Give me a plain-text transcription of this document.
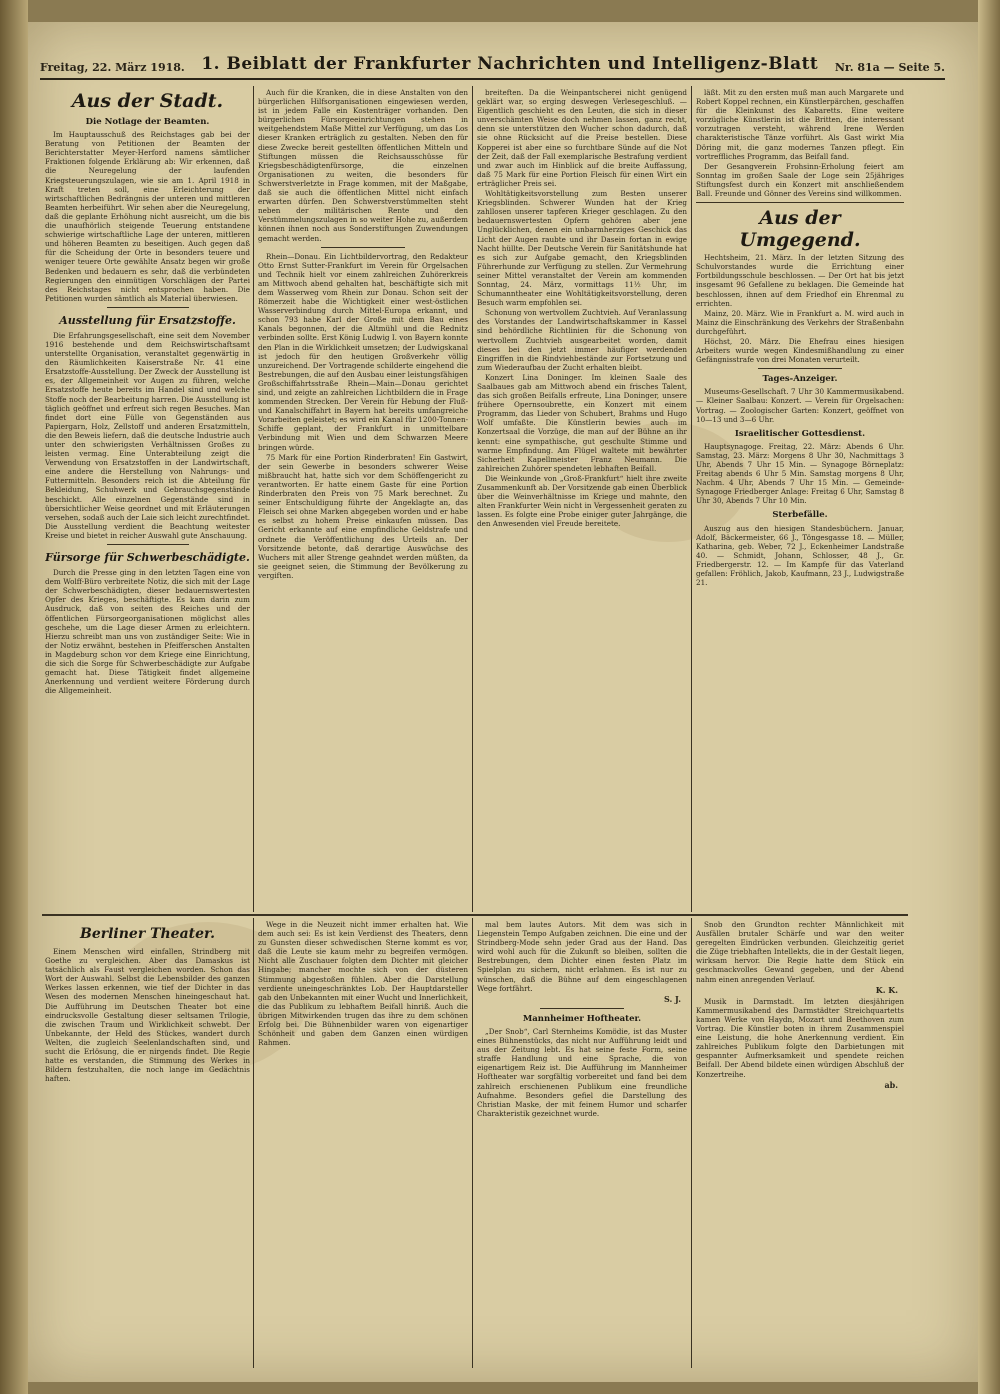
Freitag, 22. März 1918. 1. Beiblatt der Frankfurter Nachrichten und Intelligenz-Blatt Nr. 81a — Seite 5.
Aus der Stadt.
Die Notlage der Beamten.

Im Hauptausschuß des Reichstages gab bei der Beratung von Petitionen der Beamten der Berichterstatter Meyer-Herford namens sämtlicher Fraktionen folgende Erklärung ab: Wir erkennen, daß die Neuregelung der laufenden Kriegsteuerungszulagen, wie sie am 1. April 1918 in Kraft treten soll, eine Erleichterung der wirtschaftlichen Bedrängnis der unteren und mittleren Beamten herbeiführt. Wir sehen aber die Neuregelung, daß die geplante Erhöhung nicht ausreicht, um die bis die unaufhörlich steigende Teuerung entstandene schwierige wirtschaftliche Lage der unteren, mittleren und höheren Beamten zu beseitigen. Auch gegen daß für die Scheidung der Orte in besonders teuere und weniger teuere Orte gewählte Ansatz begen wir große Bedenken und bedauern es sehr, daß die verbündeten Regierungen den einmütigen Vorschlägen der Partei des Reichstages nicht entsprochen haben. Die Petitionen wurden sämtlich als Material überwiesen.

Ausstellung für Ersatzstoffe.

Die Erfahrungsgesellschaft, eine seit dem November 1916 bestehende und dem Reichswirtschaftsamt unterstellte Organisation, veranstaltet gegenwärtig in den Räumlichkeiten Kaiserstraße Nr. 41 eine Ersatzstoffe-Ausstellung. Der Zweck der Ausstellung ist es, der Allgemeinheit vor Augen zu führen, welche Ersatzstoffe heute bereits im Handel sind und welche Stoffe noch der Bearbeitung harren. Die Ausstellung ist täglich geöffnet und erfreut sich regen Besuches. Man findet dort eine Fülle von Gegenständen aus Papiergarn, Holz, Zellstoff und anderen Ersatzmitteln, die den Beweis liefern, daß die deutsche Industrie auch unter den schwierigsten Verhältnissen Großes zu leisten vermag. Eine Unterabteilung zeigt die Verwendung von Ersatzstoffen in der Landwirtschaft, eine andere die Herstellung von Nahrungs- und Futtermitteln. Besonders reich ist die Abteilung für Bekleidung, Schuhwerk und Gebrauchsgegenstände beschickt. Alle einzelnen Gegenstände sind in übersichtlicher Weise geordnet und mit Erläuterungen versehen, sodaß auch der Laie sich leicht zurechtfindet. Die Ausstellung verdient die Beachtung weitester Kreise und bietet in reicher Auswahl gute Anschauung.

Fürsorge für Schwerbeschädigte.

Durch die Presse ging in den letzten Tagen eine von dem Wolff-Büro verbreitete Notiz, die sich mit der Lage der Schwerbeschädigten, dieser bedauernswertesten Opfer des Krieges, beschäftigte. Es kam darin zum Ausdruck, daß von seiten des Reiches und der öffentlichen Fürsorgeorganisationen möglichst alles geschehe, um die Lage dieser Armen zu erleichtern. Hierzu schreibt man uns von zuständiger Seite: Wie in der Notiz erwähnt, bestehen in Pfeifferschen Anstalten in Magdeburg schon vor dem Kriege eine Einrichtung, die sich die Sorge für Schwerbeschädigte zur Aufgabe gemacht hat. Diese Tätigkeit findet allgemeine Anerkennung und verdient weitere Förderung durch die Allgemeinheit.

Auch für die Kranken, die in diese Anstalten von den bürgerlichen Hilfsorganisationen eingewiesen werden, ist in jedem Falle ein Kostenträger vorhanden. Den bürgerlichen Fürsorgeeinrichtungen stehen in weitgehendstem Maße Mittel zur Verfügung, um das Los dieser Kranken erträglich zu gestalten. Neben den für diese Zwecke bereit gestellten öffentlichen Mitteln und Stiftungen müssen die Reichsausschüsse für Kriegsbeschädigtenfürsorge, die einzelnen Organisationen zu weiten, die besonders für Schwerstverletzte in Frage kommen, mit der Maßgabe, daß sie auch die öffentlichen Mittel nicht einfach erwarten dürfen. Den Schwerstverstümmelten steht neben der militärischen Rente und den Verstümmelungszulagen in so weiter Hohe zu, außerdem können ihnen noch aus Sonderstiftungen Zuwendungen gemacht werden.

Rhein—Donau. Ein Lichtbildervortrag, den Redakteur Otto Ernst Sutter-Frankfurt im Verein für Orgelsachen und Technik hielt vor einem zahlreichen Zuhörerkreis am Mittwoch abend gehalten hat, beschäftigte sich mit dem Wasserweg vom Rhein zur Donau. Schon seit der Römerzeit habe die Wichtigkeit einer west-östlichen Wasserverbindung durch Mittel-Europa erkannt, und schon 793 habe Karl der Große mit dem Bau eines Kanals begonnen, der die Altmühl und die Rednitz verbinden sollte. Erst König Ludwig I. von Bayern konnte den Plan in die Wirklichkeit umsetzen; der Ludwigskanal ist jedoch für den heutigen Großverkehr völlig unzureichend. Der Vortragende schilderte eingehend die Bestrebungen, die auf den Ausbau einer leistungsfähigen Großschiffahrtsstraße Rhein—Main—Donau gerichtet sind, und zeigte an zahlreichen Lichtbildern die in Frage kommenden Strecken. Der Verein für Hebung der Fluß- und Kanalschiffahrt in Bayern hat bereits umfangreiche Vorarbeiten geleistet; es wird ein Kanal für 1200-Tonnen-Schiffe geplant, der Frankfurt in unmittelbare Verbindung mit Wien und dem Schwarzen Meere bringen würde.

75 Mark für eine Portion Rinderbraten! Ein Gastwirt, der sein Gewerbe in besonders schwerer Weise mißbraucht hat, hatte sich vor dem Schöffengericht zu verantworten. Er hatte einem Gaste für eine Portion Rinderbraten den Preis von 75 Mark berechnet. Zu seiner Entschuldigung führte der Angeklagte an, das Fleisch sei ohne Marken abgegeben worden und er habe es selbst zu hohem Preise einkaufen müssen. Das Gericht erkannte auf eine empfindliche Geldstrafe und ordnete die Veröffentlichung des Urteils an. Der Vorsitzende betonte, daß derartige Auswüchse des Wuchers mit aller Strenge geahndet werden müßten, da sie geeignet seien, die Stimmung der Bevölkerung zu vergiften.

breiteften. Da die Weinpantscherei nicht genügend geklärt war, so erging deswegen Verlesegeschluß. — Eigentlich geschieht es den Leuten, die sich in dieser unverschämten Weise doch nehmen lassen, ganz recht, denn sie unterstützen den Wucher schon dadurch, daß sie ohne Rücksicht auf die Preise bestellen. Diese Kopperei ist aber eine so furchtbare Sünde auf die Not der Zeit, daß der Fall exemplarische Bestrafung verdient und zwar auch im Hinblick auf die breite Auffassung, daß 75 Mark für eine Portion Fleisch für einen Wirt ein erträglicher Preis sei.

Wohltätigkeitsvorstellung zum Besten unserer Kriegsblinden. Schwerer Wunden hat der Krieg zahllosen unserer tapferen Krieger geschlagen. Zu den bedauernswertesten Opfern gehören aber jene Unglücklichen, denen ein unbarmherziges Geschick das Licht der Augen raubte und ihr Dasein fortan in ewige Nacht hüllte. Der Deutsche Verein für Sanitätshunde hat es sich zur Aufgabe gemacht, den Kriegsblinden Führerhunde zur Verfügung zu stellen. Zur Vermehrung seiner Mittel veranstaltet der Verein am kommenden Sonntag, 24. März, vormittags 11½ Uhr, im Schumanntheater eine Wohltätigkeitsvorstellung, deren Besuch warm empfohlen sei.

Schonung von wertvollem Zuchtvieh. Auf Veranlassung des Vorstandes der Landwirtschaftskammer in Kassel sind behördliche Richtlinien für die Schonung von wertvollem Zuchtvieh ausgearbeitet worden, damit dieses bei den jetzt immer häufiger werdenden Eingriffen in die Rindviehbestände zur Fortsetzung und zum Wiederaufbau der Zucht erhalten bleibt.

Konzert Lina Doninger. Im kleinen Saale des Saalbaues gab am Mittwoch abend ein frisches Talent, das sich großen Beifalls erfreute, Lina Doninger, unsere frühere Opernsoubrette, ein Konzert mit einem Programm, das Lieder von Schubert, Brahms und Hugo Wolf umfaßte. Die Künstlerin bewies auch im Konzertsaal die Vorzüge, die man auf der Bühne an ihr kennt: eine sympathische, gut geschulte Stimme und warme Empfindung. Am Flügel waltete mit bewährter Sicherheit Kapellmeister Franz Neumann. Die zahlreichen Zuhörer spendeten lebhaften Beifall.

Die Weinkunde von „Groß-Frankfurt“ hielt ihre zweite Zusammenkunft ab. Der Vorsitzende gab einen Überblick über die Weinverhältnisse im Kriege und mahnte, den alten Frankfurter Wein nicht in Vergessenheit geraten zu lassen. Es folgte eine Probe einiger guter Jahrgänge, die den Anwesenden viel Freude bereitete.

läßt. Mit zu den ersten muß man auch Margarete und Robert Koppel rechnen, ein Künstlerpärchen, geschaffen für die Kleinkunst des Kabaretts. Eine weitere vorzügliche Künstlerin ist die Britten, die interessant vorzutragen versteht, während Irene Werden charakteristische Tänze vorführt. Als Gast wirkt Mia Döring mit, die ganz modernes Tanzen pflegt. Ein vortreffliches Programm, das Beifall fand.

Der Gesangverein Frohsinn-Erholung feiert am Sonntag im großen Saale der Loge sein 25jähriges Stiftungsfest durch ein Konzert mit anschließendem Ball. Freunde und Gönner des Vereins sind willkommen.

Aus der Umgegend.

Hechtsheim, 21. März. In der letzten Sitzung des Schulvorstandes wurde die Errichtung einer Fortbildungsschule beschlossen. — Der Ort hat bis jetzt insgesamt 96 Gefallene zu beklagen. Die Gemeinde hat beschlossen, ihnen auf dem Friedhof ein Ehrenmal zu errichten.

Mainz, 20. März. Wie in Frankfurt a. M. wird auch in Mainz die Einschränkung des Verkehrs der Straßenbahn durchgeführt.

Höchst, 20. März. Die Ehefrau eines hiesigen Arbeiters wurde wegen Kindesmißhandlung zu einer Gefängnisstrafe von drei Monaten verurteilt.

Tages-Anzeiger.

Museums-Gesellschaft. 7 Uhr 30 Kammermusikabend. — Kleiner Saalbau: Konzert. — Verein für Orgelsachen: Vortrag. — Zoologischer Garten: Konzert, geöffnet von 10—13 und 3—6 Uhr.

Israelitischer Gottesdienst.

Hauptsynagoge. Freitag, 22. März: Abends 6 Uhr. Samstag, 23. März: Morgens 8 Uhr 30, Nachmittags 3 Uhr, Abends 7 Uhr 15 Min. — Synagoge Börneplatz: Freitag abends 6 Uhr 5 Min. Samstag morgens 8 Uhr, Nachm. 4 Uhr, Abends 7 Uhr 15 Min. — Gemeinde-Synagoge Friedberger Anlage: Freitag 6 Uhr, Samstag 8 Uhr 30, Abends 7 Uhr 10 Min.

Sterbefälle.

Auszug aus den hiesigen Standesbüchern. Januar, Adolf, Bäckermeister, 66 J., Töngesgasse 18. — Müller, Katharina, geb. Weber, 72 J., Eckenheimer Landstraße 40. — Schmidt, Johann, Schlosser, 48 J., Gr. Friedbergerstr. 12. — Im Kampfe für das Vaterland gefallen: Fröhlich, Jakob, Kaufmann, 23 J., Ludwigstraße 21.

Berliner Theater.

Einem Menschen wird einfallen, Strindberg mit Goethe zu vergleichen. Aber das Damaskus ist tatsächlich als Faust vergleichen worden. Schon das Wort der Auswahl. Selbst die Lebensbilder des ganzen Werkes lassen erkennen, wie tief der Dichter in das Wesen des modernen Menschen hineingeschaut hat. Die Aufführung im Deutschen Theater bot eine eindrucksvolle Gestaltung dieser seltsamen Trilogie, die zwischen Traum und Wirklichkeit schwebt. Der Unbekannte, der Held des Stückes, wandert durch Welten, die zugleich Seelenlandschaften sind, und sucht die Erlösung, die er nirgends findet. Die Regie hatte es verstanden, die Stimmung des Werkes in Bildern festzuhalten, die noch lange im Gedächtnis haften.

Wege in die Neuzeit nicht immer erhalten hat. Wie dem auch sei: Es ist kein Verdienst des Theaters, denn zu Gunsten dieser schwedischen Sterne kommt es vor, daß die Leute sie kaum mehr zu begreifen vermögen. Nicht alle Zuschauer folgten dem Dichter mit gleicher Hingabe; mancher mochte sich von der düsteren Stimmung abgestoßen fühlen. Aber die Darstellung verdiente uneingeschränktes Lob. Der Hauptdarsteller gab den Unbekannten mit einer Wucht und Innerlichkeit, die das Publikum zu lebhaftem Beifall hinriß. Auch die übrigen Mitwirkenden trugen das ihre zu dem schönen Erfolg bei. Die Bühnenbilder waren von eigenartiger Schönheit und gaben dem Ganzen einen würdigen Rahmen.

mal bem lautes Autors. Mit dem was sich in Liegenstein Tempo Aufgaben zeichnen. Die eine und der Strindberg-Mode sehn jeder Grad aus der Hand. Das wird wohl auch für die Zukunft so bleiben, sollten die Bestrebungen, dem Dichter einen festen Platz im Spielplan zu sichern, nicht erlahmen. Es ist nur zu wünschen, daß die Bühne auf dem eingeschlagenen Wege fortfährt.

S. J.
Mannheimer Hoftheater.

„Der Snob“, Carl Sternheims Komödie, ist das Muster eines Bühnenstücks, das nicht nur Aufführung leidt und aus der Zeitung lebt. Es hat seine feste Form, seine straffe Handlung und eine Sprache, die von eigenartigem Reiz ist. Die Aufführung im Mannheimer Hoftheater war sorgfältig vorbereitet und fand bei dem zahlreich erschienenen Publikum eine freundliche Aufnahme. Besonders gefiel die Darstellung des Christian Maske, der mit feinem Humor und scharfer Charakteristik gezeichnet wurde.

Snob den Grundton rechter Männlichkeit mit Ausfällen brutaler Schärfe und war den weiter geregelten Eindrücken verbunden. Gleichzeitig geriet die Züge triebhaften Intellekts, die in der Gestalt liegen, wirksam hervor. Die Regie hatte dem Stück ein geschmackvolles Gewand gegeben, und der Abend nahm einen anregenden Verlauf.

K. K.

Musik in Darmstadt. Im letzten diesjährigen Kammermusikabend des Darmstädter Streichquartetts kamen Werke von Haydn, Mozart und Beethoven zum Vortrag. Die Künstler boten in ihrem Zusammenspiel eine Leistung, die hohe Anerkennung verdient. Ein zahlreiches Publikum folgte den Darbietungen mit gespannter Aufmerksamkeit und spendete reichen Beifall. Der Abend bildete einen würdigen Abschluß der Konzertreihe.

ab.
